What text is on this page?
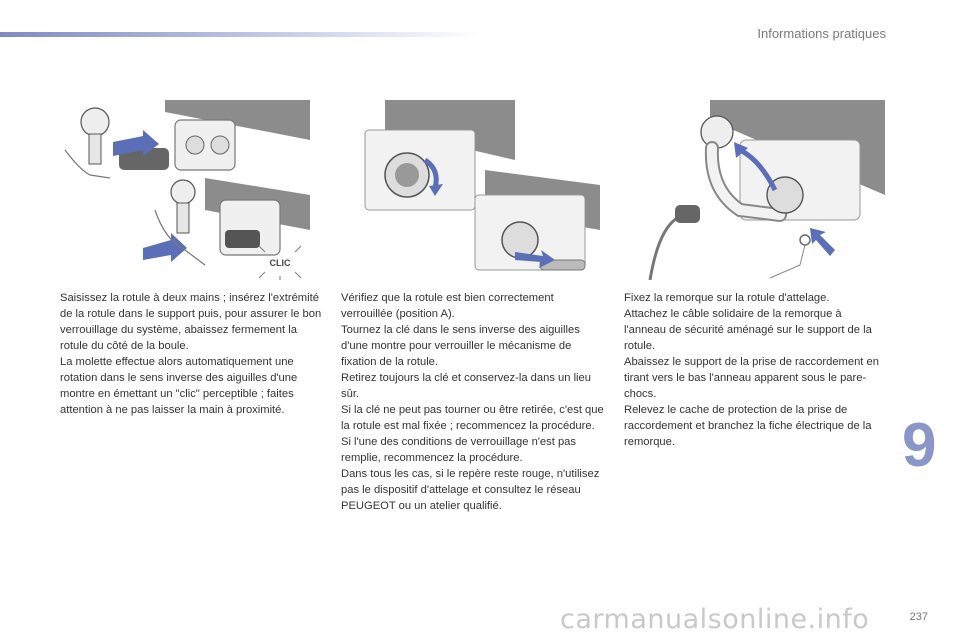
Informations pratiques
CLIC

Saisissez la rotule à deux mains ; insérez l'extrémité de la rotule dans le support puis, pour assurer le bon verrouillage du système, abaissez fermement la rotule du côté de la boule.

La molette effectue alors automatiquement une rotation dans le sens inverse des aiguilles d'une montre en émettant un "clic" perceptible ; faites attention à ne pas laisser la main à proximité.

Vérifiez que la rotule est bien correctement verrouillée (position A).

Tournez la clé dans le sens inverse des aiguilles d'une montre pour verrouiller le mécanisme de fixation de la rotule.

Retirez toujours la clé et conservez-la dans un lieu sûr.

Si la clé ne peut pas tourner ou être retirée, c'est que la rotule est mal fixée ; recommencez la procédure.

Si l'une des conditions de verrouillage n'est pas remplie, recommencez la procédure.

Dans tous les cas, si le repère reste rouge, n'utilisez pas le dispositif d'attelage et consultez le réseau PEUGEOT ou un atelier qualifié.

Fixez la remorque sur la rotule d'attelage.

Attachez le câble solidaire de la remorque à l'anneau de sécurité aménagé sur le support de la rotule.

Abaissez le support de la prise de raccordement en tirant vers le bas l'anneau apparent sous le pare-chocs.

Relevez le cache de protection de la prise de raccordement et branchez la fiche électrique de la remorque.	9
237
carmanualsonline.info
